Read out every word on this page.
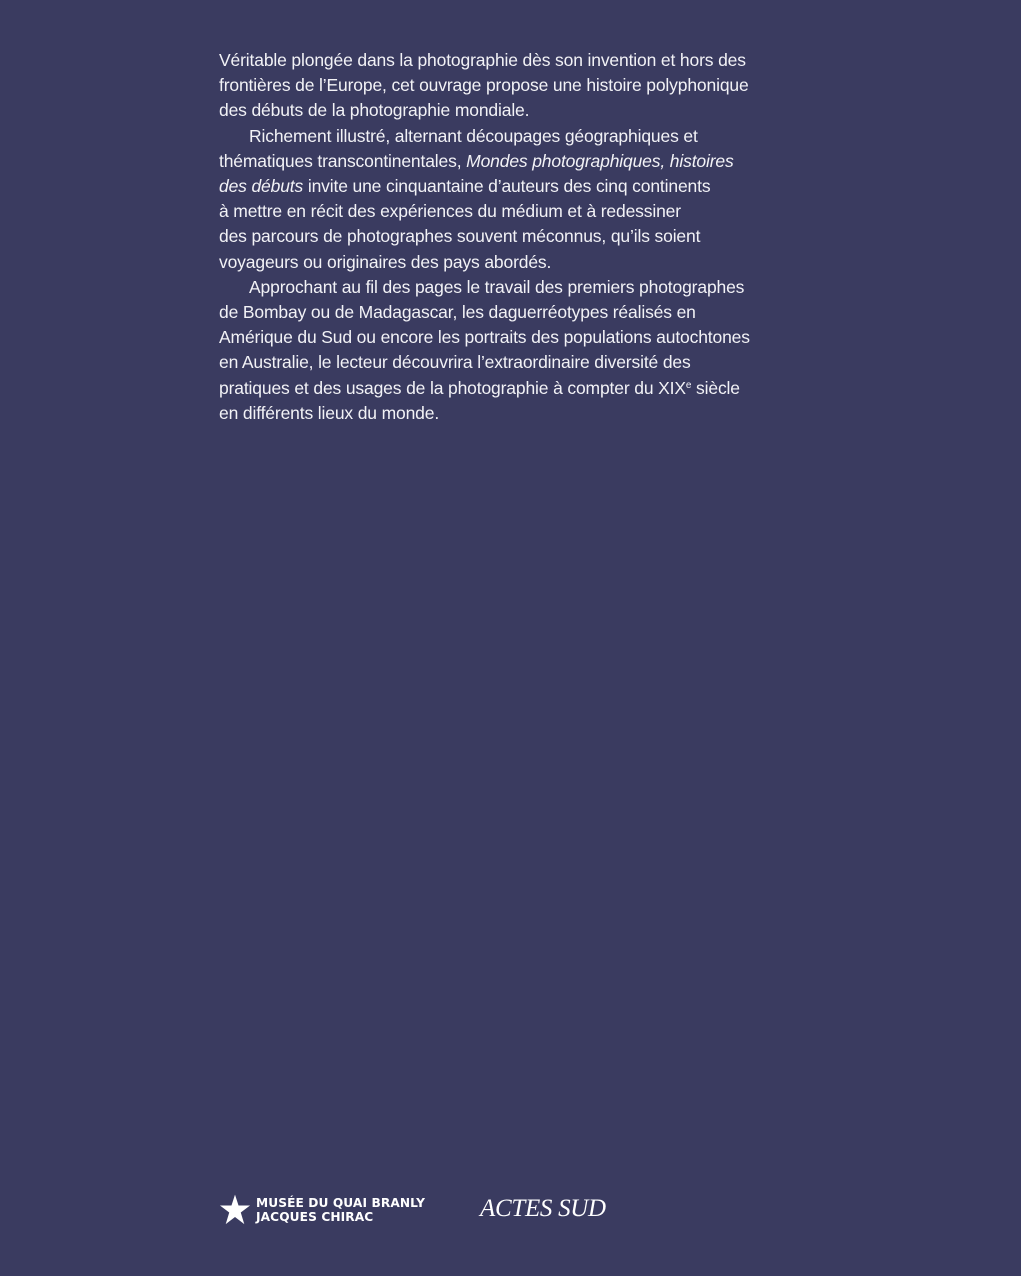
Véritable plongée dans la photographie dès son invention et hors des
frontières de l’Europe, cet ouvrage propose une histoire polyphonique
des débuts de la photographie mondiale.
Richement illustré, alternant découpages géographiques et
thématiques transcontinentales, Mondes photographiques, histoires
des débuts invite une cinquantaine d’auteurs des cinq continents
à mettre en récit des expériences du médium et à redessiner
des parcours de photographes souvent méconnus, qu’ils soient
voyageurs ou originaires des pays abordés.
Approchant au fil des pages le travail des premiers photographes
de Bombay ou de Madagascar, les daguerréotypes réalisés en
Amérique du Sud ou encore les portraits des populations autochtones
en Australie, le lecteur découvrira l’extraordinaire diversité des
pratiques et des usages de la photographie à compter du XIXe siècle
en différents lieux du monde.
MUSÉE DU QUAI BRANLY
JACQUES CHIRAC	ACTES SUD
